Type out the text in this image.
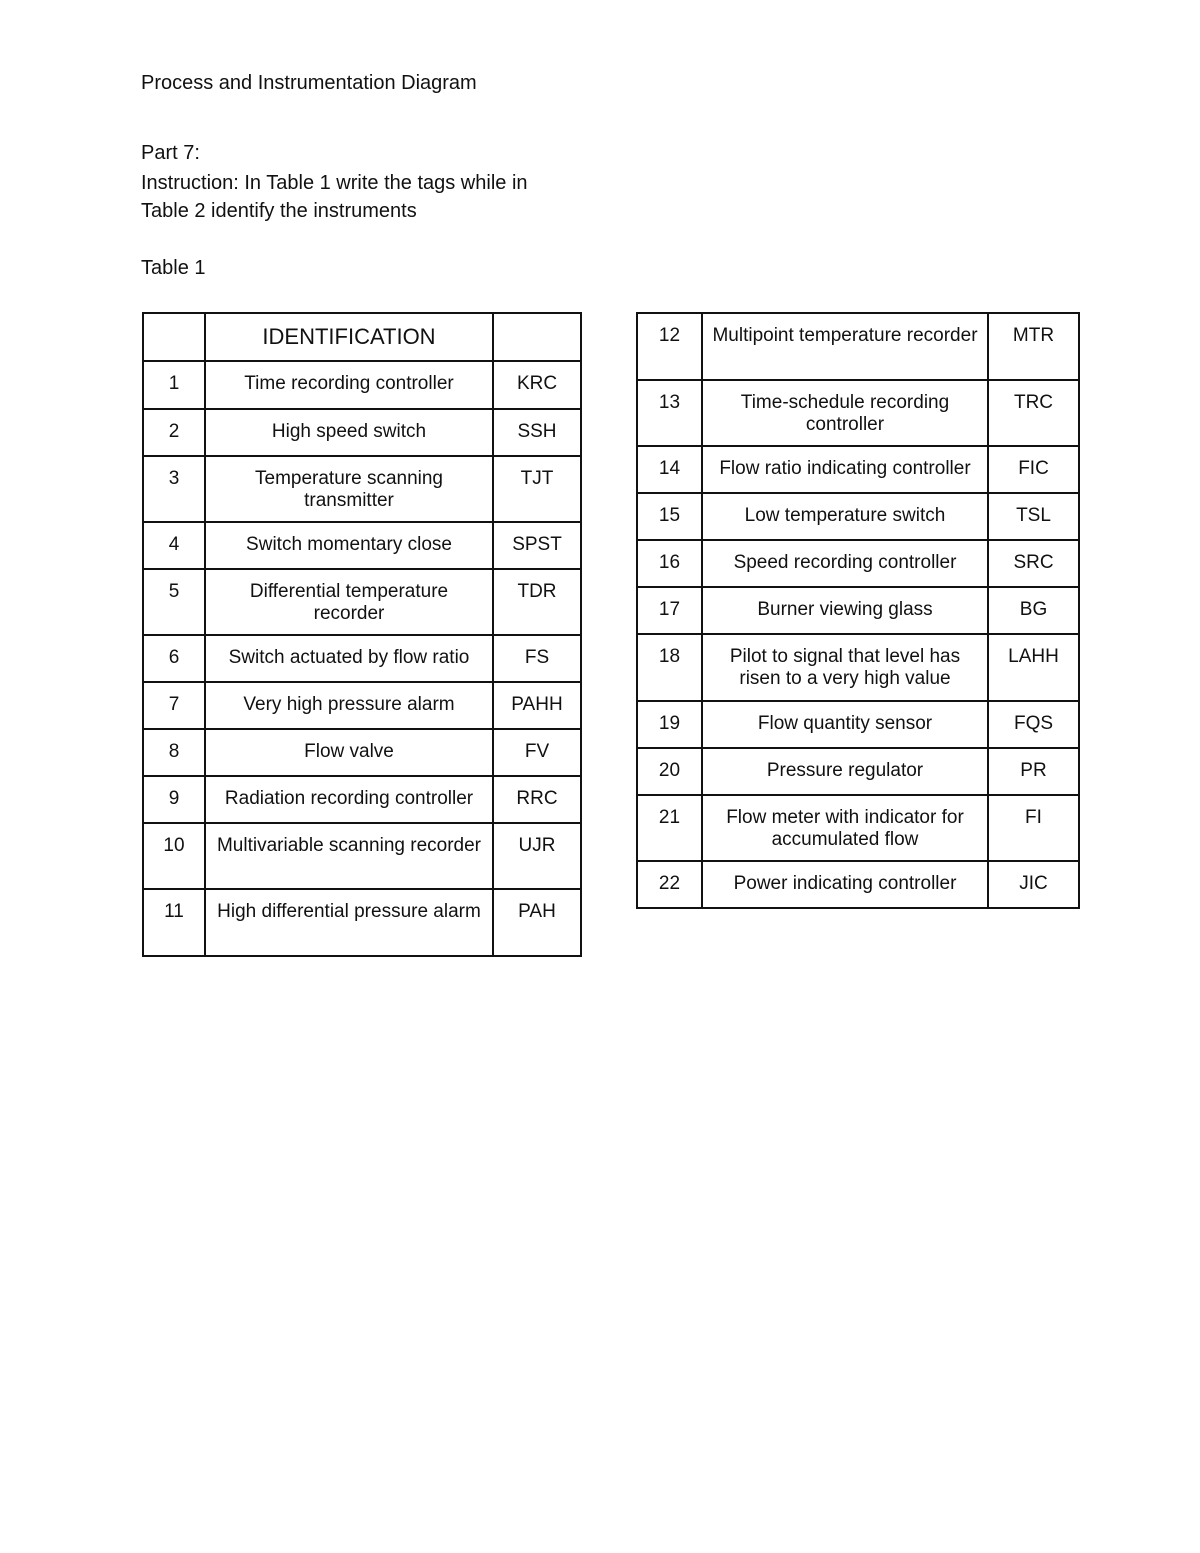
Process and Instrumentation Diagram
Part 7:
Instruction: In Table 1 write the tags while in
Table 2 identify the instruments
Table 1
	IDENTIFICATION	
1	Time recording controller	KRC
2	High speed switch	SSH
3	Temperature scanning transmitter	TJT
4	Switch momentary close	SPST
5	Differential temperature recorder	TDR
6	Switch actuated by flow ratio	FS
7	Very high pressure alarm	PAHH
8	Flow valve	FV
9	Radiation recording controller	RRC
10	Multivariable scanning recorder	UJR
11	High differential pressure alarm	PAH
12	Multipoint temperature recorder	MTR
13	Time-schedule recording controller	TRC
14	Flow ratio indicating controller	FIC
15	Low temperature switch	TSL
16	Speed recording controller	SRC
17	Burner viewing glass	BG
18	Pilot to signal that level has risen to a very high value	LAHH
19	Flow quantity sensor	FQS
20	Pressure regulator	PR
21	Flow meter with indicator for accumulated flow	FI
22	Power indicating controller	JIC
